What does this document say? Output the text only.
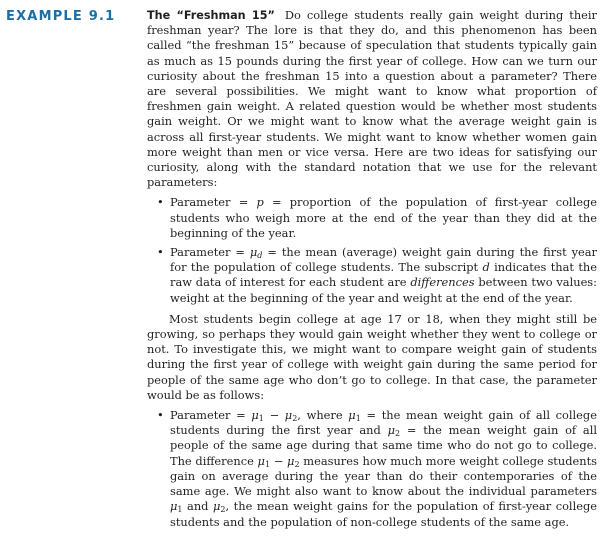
EXAMPLE 9.1	The “Freshman 15” Do college students really gain weight during their freshman year? The lore is that they do, and this phenomenon has been called “the freshman 15” because of speculation that students typically gain as much as 15 pounds during the first year of college. How can we turn our curiosity about the freshman 15 into a question about a parameter? There are several possibilities. We might want to know what proportion of freshmen gain weight. A related question would be whether most students gain weight. Or we might want to know what the average weight gain is across all first-year students. We might want to know whether women gain more weight than men or vice versa. Here are two ideas for satisfying our curiosity, along with the standard notation that we use for the relevant parameters:

• Parameter = p = proportion of the population of first-year college students who weigh more at the end of the year than they did at the beginning of the year.
• Parameter = $\mu_d$ = the mean (average) weight gain during the first year for the population of college students. The subscript d indicates that the raw data of interest for each student are differences between two values: weight at the beginning of the year and weight at the end of the year.

Most students begin college at age 17 or 18, when they might still be growing, so perhaps they would gain weight whether they went to college or not. To investigate this, we might want to compare weight gain of students during the first year of college with weight gain during the same period for people of the same age who don’t go to college. In that case, the parameter would be as follows:

• Parameter = $\mu_1 - \mu_2$, where $\mu_1$ = the mean weight gain of all college students during the first year and $\mu_2$ = the mean weight gain of all people of the same age during that same time who do not go to college. The difference $\mu_1 - \mu_2$ measures how much more weight college students gain on average during the year than do their contemporaries of the same age. We might also want to know about the individual parameters $\mu_1$ and $\mu_2$, the mean weight gains for the population of first-year college students and the population of non-college students of the same age.
